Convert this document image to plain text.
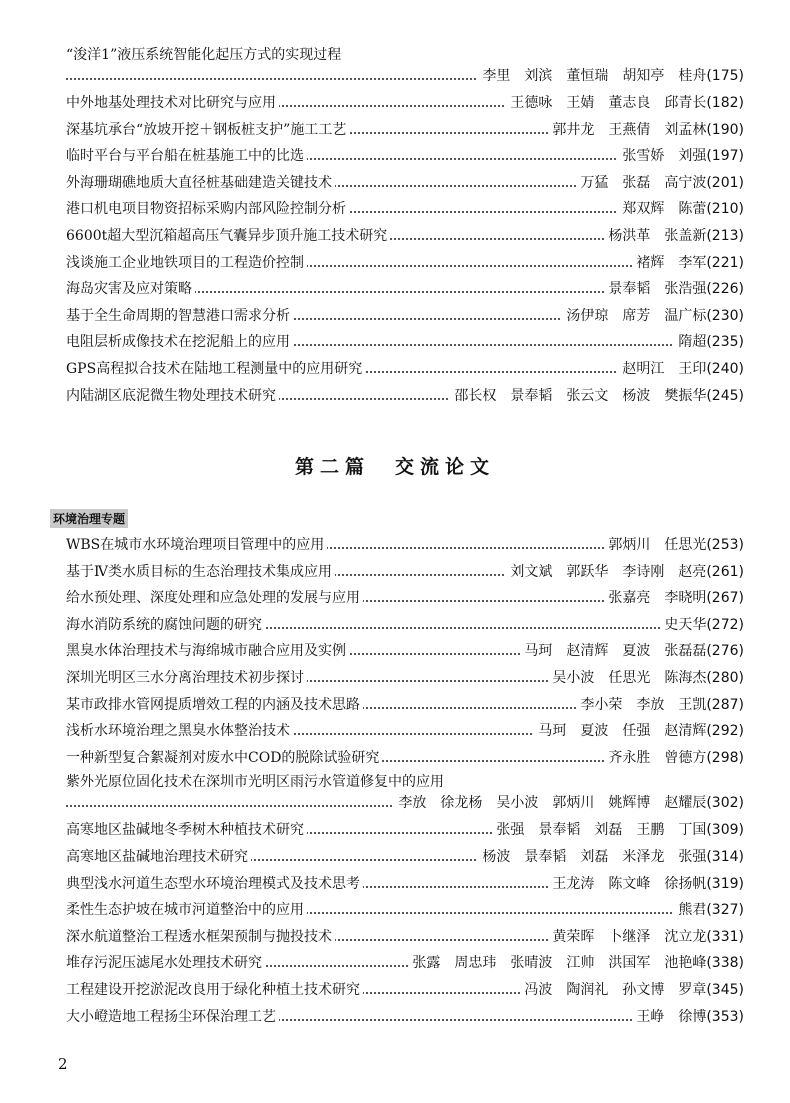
“浚洋1”液压系统智能化起压方式的实现过程
李里 刘滨 董恒瑞 胡知亭 桂舟(175)
中外地基处理技术对比研究与应用	王德咏 王婧 董志良 邱青长(182)
深基坑承台“放坡开挖＋钢板桩支护”施工工艺	郭井龙 王燕倩 刘孟林(190)
临时平台与平台船在桩基施工中的比选	张雪娇 刘强(197)
外海珊瑚礁地质大直径桩基础建造关键技术	万猛 张磊 高宁波(201)
港口机电项目物资招标采购内部风险控制分析	郑双辉 陈蕾(210)
6600t超大型沉箱超高压气囊异步顶升施工技术研究	杨洪革 张盖新(213)
浅谈施工企业地铁项目的工程造价控制	褚辉 李军(221)
海岛灾害及应对策略	景奉韬 张浩强(226)
基于全生命周期的智慧港口需求分析	汤伊琼 席芳 温广标(230)
电阻层析成像技术在挖泥船上的应用	隋超(235)
GPS高程拟合技术在陆地工程测量中的应用研究	赵明江 王印(240)
内陆湖区底泥微生物处理技术研究	邵长权 景奉韬 张云文 杨波 樊振华(245)
第二篇　交流论文
环境治理专题
WBS在城市水环境治理项目管理中的应用	郭炳川 任思光(253)
基于Ⅳ类水质目标的生态治理技术集成应用	刘文斌 郭跃华 李诗刚 赵亮(261)
给水预处理、深度处理和应急处理的发展与应用	张嘉亮 李晓明(267)
海水消防系统的腐蚀问题的研究	史天华(272)
黑臭水体治理技术与海绵城市融合应用及实例	马珂 赵清辉 夏波 张磊磊(276)
深圳光明区三水分离治理技术初步探讨	吴小波 任思光 陈海杰(280)
某市政排水管网提质增效工程的内涵及技术思路	李小荣 李放 王凯(287)
浅析水环境治理之黑臭水体整治技术	马珂 夏波 任强 赵清辉(292)
一种新型复合絮凝剂对废水中COD的脱除试验研究	齐永胜 曾德方(298)
紫外光原位固化技术在深圳市光明区雨污水管道修复中的应用
李放 徐龙杨 吴小波 郭炳川 姚辉博 赵耀辰(302)
高寒地区盐碱地冬季树木种植技术研究	张强 景奉韬 刘磊 王鹏 丁国(309)
高寒地区盐碱地治理技术研究	杨波 景奉韬 刘磊 米泽龙 张强(314)
典型浅水河道生态型水环境治理模式及技术思考	王龙涛 陈文峰 徐扬帆(319)
柔性生态护坡在城市河道整治中的应用	熊君(327)
深水航道整治工程透水框架预制与抛投技术	黄荣晖 卜继泽 沈立龙(331)
堆存污泥压滤尾水处理技术研究	张露 周忠玮 张晴波 江帅 洪国军 池艳峰(338)
工程建设开挖淤泥改良用于绿化种植土技术研究	冯波 陶润礼 孙文博 罗章(345)
大小嶝造地工程扬尘环保治理工艺	王峥 徐博(353)
2
